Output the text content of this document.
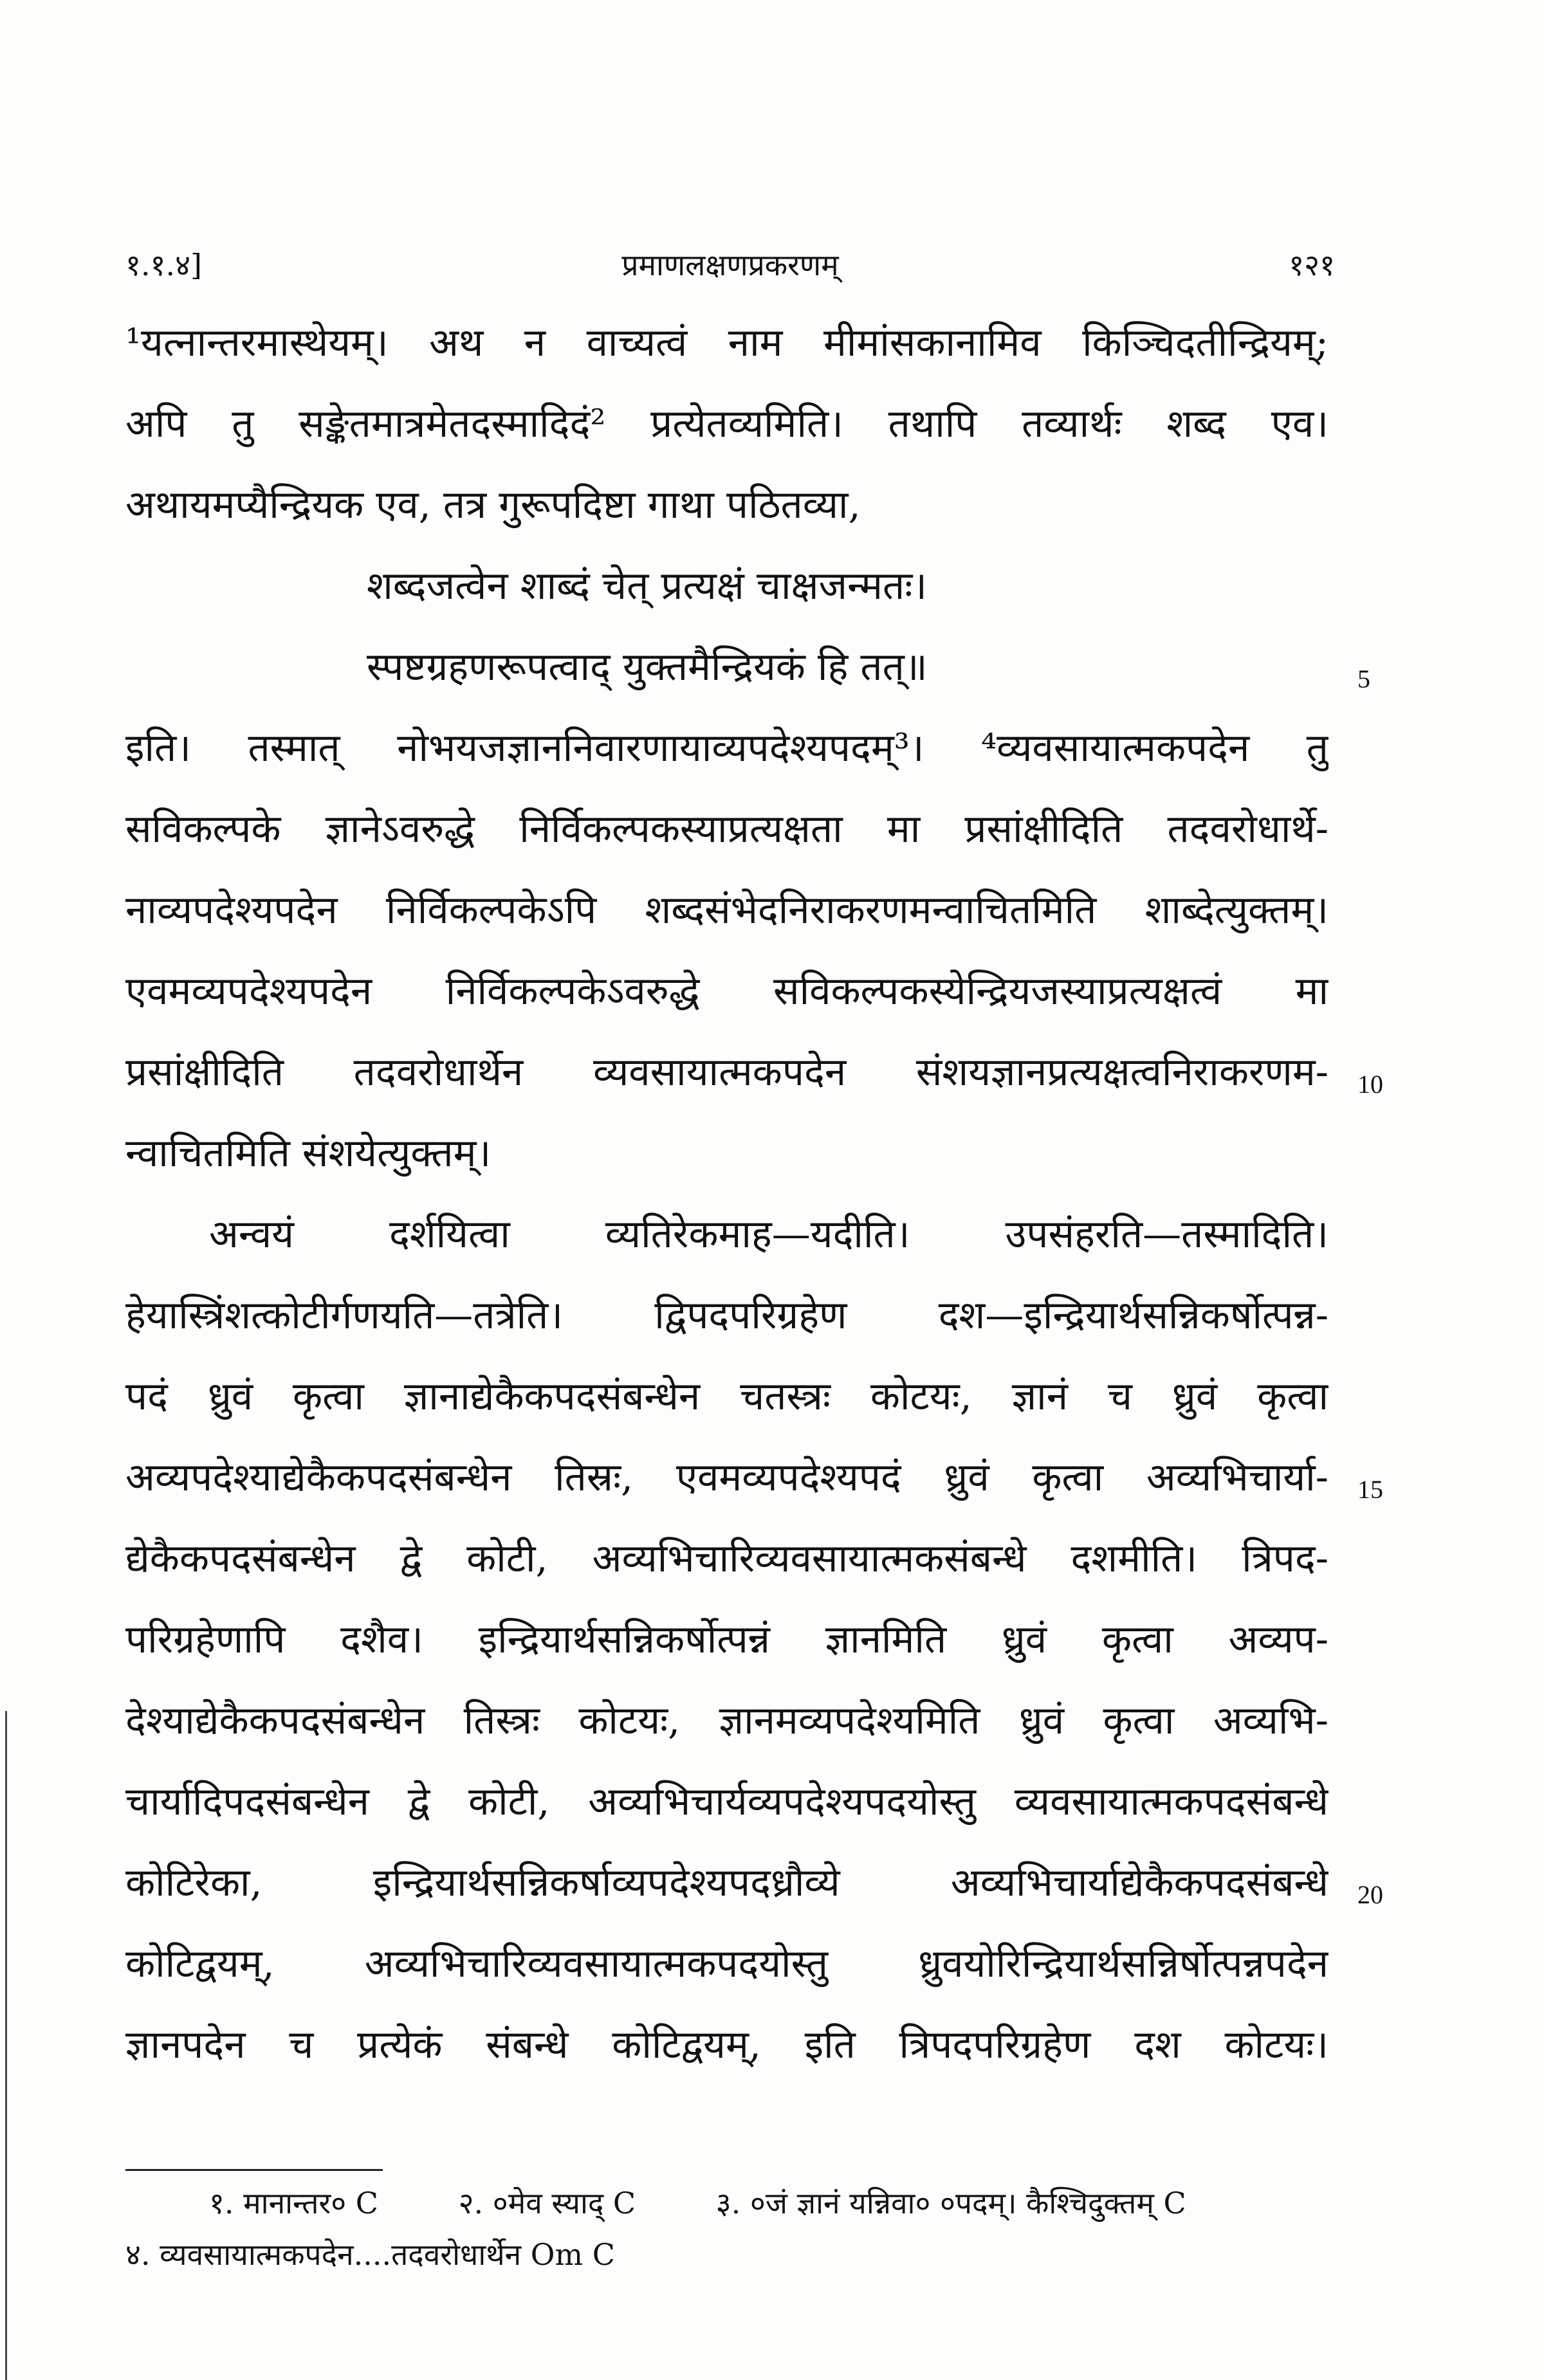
१.१.४]	प्रमाणलक्षणप्रकरणम्	१२१
¹यत्नान्तरमास्थेयम्। अथ न वाच्यत्वं नाम मीमांसकानामिव किञ्चिदतीन्द्रियम्;
अपि तु सङ्केतमात्रमेतदस्मादिदं² प्रत्येतव्यमिति। तथापि तव्यार्थः शब्द एव।
अथायमप्यैन्द्रियक एव, तत्र गुरूपदिष्टा गाथा पठितव्या,
शब्दजत्वेन शाब्दं चेत् प्रत्यक्षं चाक्षजन्मतः।
स्पष्टग्रहणरूपत्वाद् युक्तमैन्द्रियकं हि तत्॥
इति। तस्मात् नोभयजज्ञाननिवारणायाव्यपदेश्यपदम्³। ⁴व्यवसायात्मकपदेन तु
सविकल्पके ज्ञानेऽवरुद्धे निर्विकल्पकस्याप्रत्यक्षता मा प्रसांक्षीदिति तदवरोधार्थे-
नाव्यपदेश्यपदेन निर्विकल्पकेऽपि शब्दसंभेदनिराकरणमन्वाचितमिति शाब्देत्युक्तम्।
एवमव्यपदेश्यपदेन निर्विकल्पकेऽवरुद्धे सविकल्पकस्येन्द्रियजस्याप्रत्यक्षत्वं मा
प्रसांक्षीदिति तदवरोधार्थेन व्यवसायात्मकपदेन संशयज्ञानप्रत्यक्षत्वनिराकरणम-
न्वाचितमिति संशयेत्युक्तम्।
अन्वयं दर्शयित्वा व्यतिरेकमाह—यदीति। उपसंहरति—तस्मादिति।
हेयास्त्रिंशत्कोटीर्गणयति—तत्रेति। द्विपदपरिग्रहेण दश—इन्द्रियार्थसन्निकर्षोत्पन्न-
पदं ध्रुवं कृत्वा ज्ञानाद्येकैकपदसंबन्धेन चतस्त्रः कोटयः, ज्ञानं च ध्रुवं कृत्वा
अव्यपदेश्याद्येकैकपदसंबन्धेन तिस्रः, एवमव्यपदेश्यपदं ध्रुवं कृत्वा अव्यभिचार्या-
द्येकैकपदसंबन्धेन द्वे कोटी, अव्यभिचारिव्यवसायात्मकसंबन्धे दशमीति। त्रिपद-
परिग्रहेणापि दशैव। इन्द्रियार्थसन्निकर्षोत्पन्नं ज्ञानमिति ध्रुवं कृत्वा अव्यप-
देश्याद्येकैकपदसंबन्धेन तिस्त्रः कोटयः, ज्ञानमव्यपदेश्यमिति ध्रुवं कृत्वा अव्यभि-
चार्यादिपदसंबन्धेन द्वे कोटी, अव्यभिचार्यव्यपदेश्यपदयोस्तु व्यवसायात्मकपदसंबन्धे
कोटिरेका, इन्द्रियार्थसन्निकर्षाव्यपदेश्यपदध्रौव्ये अव्यभिचार्याद्येकैकपदसंबन्धे
कोटिद्वयम्, अव्यभिचारिव्यवसायात्मकपदयोस्तु ध्रुवयोरिन्द्रियार्थसन्निर्षोत्पन्नपदेन
ज्ञानपदेन च प्रत्येकं संबन्धे कोटिद्वयम्, इति त्रिपदपरिग्रहेण दश कोटयः।
5
10
15
20
१. मानान्तर० C	२. ०मेव स्याद् C	३. ०जं ज्ञानं यन्निवा० ०पदम्। कैश्चिदुक्तम् C
४. व्यवसायात्मकपदेन....तदवरोधार्थेन Om C
